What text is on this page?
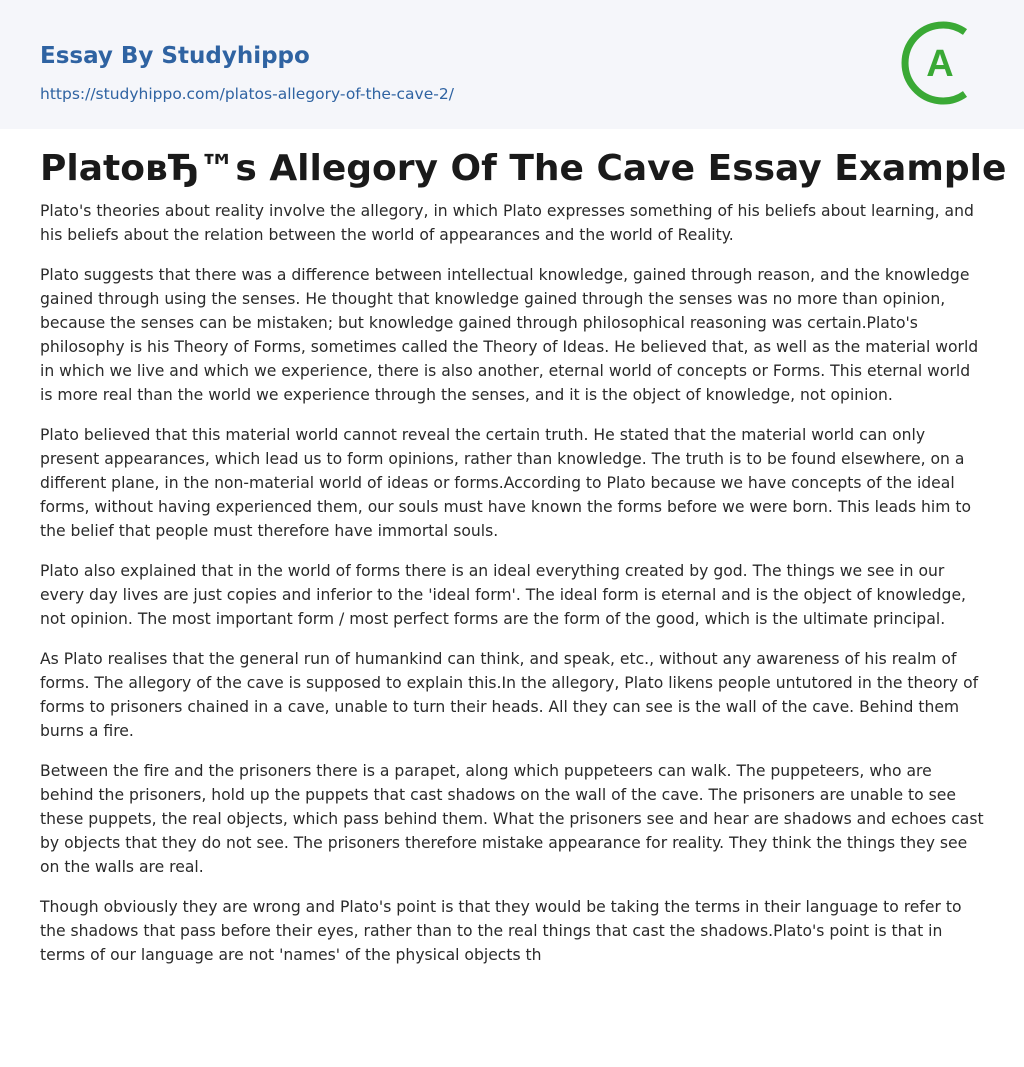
Essay By Studyhippo
https://studyhippo.com/platos-allegory-of-the-cave-2/
A
PlatoвЂ™s Allegory Of The Cave Essay Example

Plato's theories about reality involve the allegory, in which Plato expresses something of his beliefs about learning, and his beliefs about the relation between the world of appearances and the world of Reality.

Plato suggests that there was a difference between intellectual knowledge, gained through reason, and the knowledge gained through using the senses. He thought that knowledge gained through the senses was no more than opinion, because the senses can be mistaken; but knowledge gained through philosophical reasoning was certain.Plato's philosophy is his Theory of Forms, sometimes called the Theory of Ideas. He believed that, as well as the material world in which we live and which we experience, there is also another, eternal world of concepts or Forms. This eternal world is more real than the world we experience through the senses, and it is the object of knowledge, not opinion.

Plato believed that this material world cannot reveal the certain truth. He stated that the material world can only present appearances, which lead us to form opinions, rather than knowledge. The truth is to be found elsewhere, on a different plane, in the non-material world of ideas or forms.According to Plato because we have concepts of the ideal forms, without having experienced them, our souls must have known the forms before we were born. This leads him to the belief that people must therefore have immortal souls.

Plato also explained that in the world of forms there is an ideal everything created by god. The things we see in our every day lives are just copies and inferior to the 'ideal form'. The ideal form is eternal and is the object of knowledge, not opinion. The most important form / most perfect forms are the form of the good, which is the ultimate principal.

As Plato realises that the general run of humankind can think, and speak, etc., without any awareness of his realm of forms. The allegory of the cave is supposed to explain this.In the allegory, Plato likens people untutored in the theory of forms to prisoners chained in a cave, unable to turn their heads. All they can see is the wall of the cave. Behind them burns a fire.

Between the fire and the prisoners there is a parapet, along which puppeteers can walk. The puppeteers, who are behind the prisoners, hold up the puppets that cast shadows on the wall of the cave. The prisoners are unable to see these puppets, the real objects, which pass behind them. What the prisoners see and hear are shadows and echoes cast by objects that they do not see. The prisoners therefore mistake appearance for reality. They think the things they see on the walls are real.

Though obviously they are wrong and Plato's point is that they would be taking the terms in their language to refer to the shadows that pass before their eyes, rather than to the real things that cast the shadows.Plato's point is that in terms of our language are not 'names' of the physical objects th
